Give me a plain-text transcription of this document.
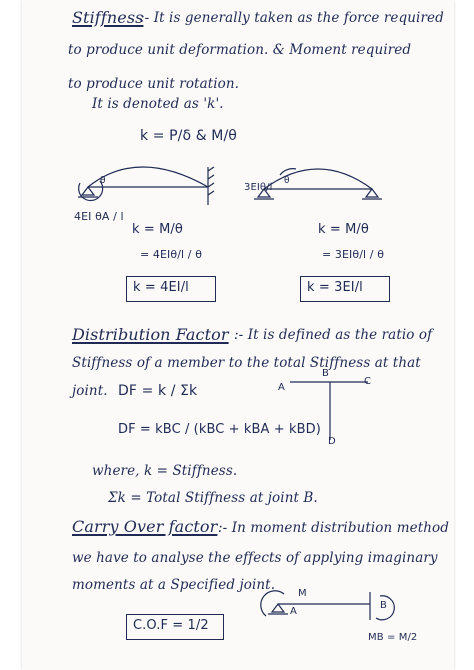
Stiffness
:- It is generally taken as the force required
to produce unit deformation. & Moment required
to produce unit rotation.
It is denoted as 'k'.
k = P/δ & M/θ
θ
4EI θA / l
k = M/θ
= 4EIθ/l / θ
k = 4EI/l
θ
3EIθ/l
k = M/θ
= 3EIθ/l / θ
k = 3EI/l
Distribution Factor :- It is defined as the ratio of
Stiffness of a member to the total Stiffness at that
joint. DF = k / Σk
DF = kBC / (kBC + kBA + kBD)
where, k = Stiffness.
Σk = Total Stiffness at joint B.
A
B
C
D
Carry Over factor :- In moment distribution method
we have to analyse the effects of applying imaginary
moments at a Specified joint.
C.O.F = 1/2
A
M
B
MB = M/2
